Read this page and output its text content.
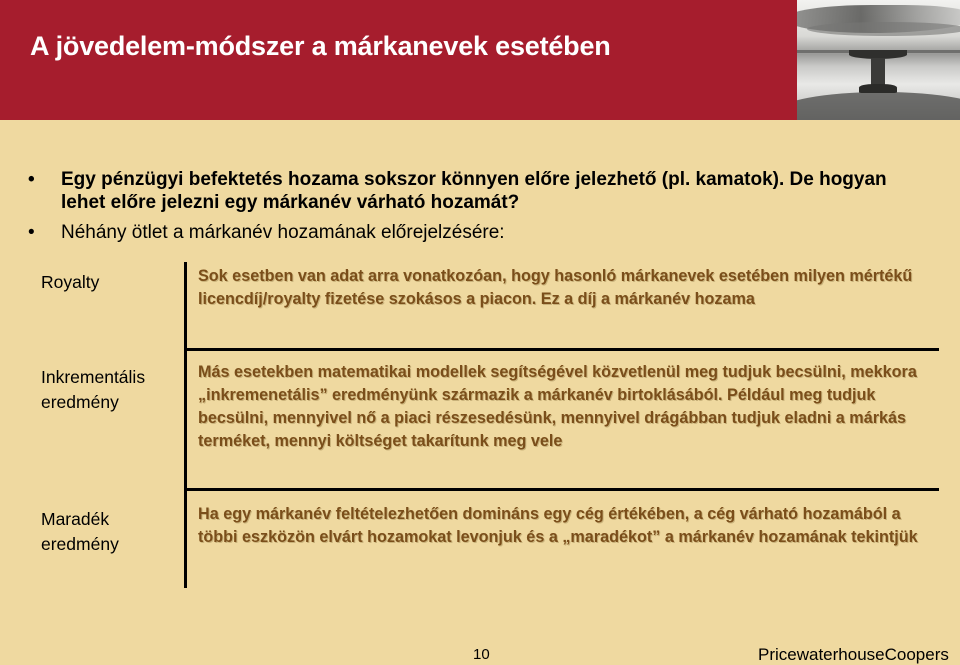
A jövedelem-módszer a márkanevek esetében
• Egy pénzügyi befektetés hozama sokszor könnyen előre jelezhető (pl. kamatok). De hogyan lehet előre jelezni egy márkanév várható hozamát?
• Néhány ötlet a márkanév hozamának előrejelzésére:
Royalty	Sok esetben van adat arra vonatkozóan, hogy hasonló márkanevek esetében milyen mértékű licencdíj/royalty fizetése szokásos a piacon. Ez a díj a márkanév hozama
Inkrementális eredmény
Más esetekben matematikai modellek segítségével közvetlenül meg tudjuk becsülni, mekkora „inkremenetális” eredményünk származik a márkanév birtoklásából. Például meg tudjuk becsülni, mennyivel nő a piaci részesedésünk, mennyivel drágábban tudjuk eladni a márkás terméket, mennyi költséget takarítunk meg vele
Maradék eredmény
Ha egy márkanév feltételezhetően domináns egy cég értékében, a cég várható hozamából a többi eszközön elvárt hozamokat levonjuk és a „maradékot” a márkanév hozamának tekintjük
10	PricewaterhouseCoopers
